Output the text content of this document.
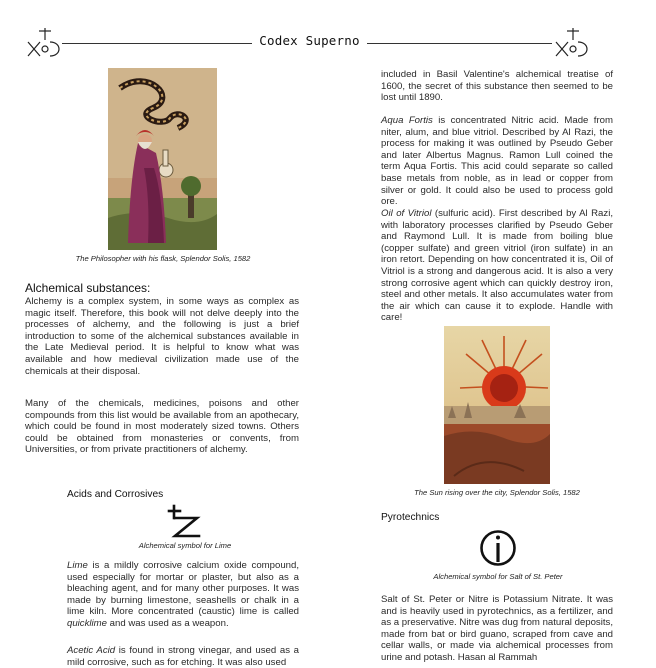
Codex Superno
The Philosopher with his flask, Splendor Solis, 1582
Alchemical substances:
Alchemy is a complex system, in some ways as complex as magic itself. Therefore, this book will not delve deeply into the processes of alchemy, and the following is just a brief introduction to some of the alchemical substances available in the Late Medieval period. It is helpful to know what was available and how medieval civilization made use of the chemicals at their disposal.
Many of the chemicals, medicines, poisons and other compounds from this list would be available from an apothecary, which could be found in most moderately sized towns. Others could be obtained from monasteries or convents, from Universities, or from private practitioners of alchemy.
Acids and Corrosives
Alchemical symbol for Lime
Lime is a mildly corrosive calcium oxide compound, used especially for mortar or plaster, but also as a bleaching agent, and for many other purposes. It was made by burning limestone, seashells or chalk in a lime kiln. More concentrated (caustic) lime is called quicklime and was used as a weapon.
Acetic Acid is found in strong vinegar, and used as a mild corrosive, such as for etching. It was also used
included in Basil Valentine's alchemical treatise of 1600, the secret of this substance then seemed to be lost until 1890.
Aqua Fortis is concentrated Nitric acid. Made from niter, alum, and blue vitriol. Described by Al Razi, the process for making it was outlined by Pseudo Geber and later Albertus Magnus. Ramon Lull coined the term Aqua Fortis. This acid could separate so called base metals from noble, as in lead or copper from silver or gold. It could also be used to process gold ore.
Oil of Vitriol (sulfuric acid). First described by Al Razi, with laboratory processes clarified by Pseudo Geber and Raymond Lull. It is made from boiling blue (copper sulfate) and green vitriol (iron sulfate) in an iron retort. Depending on how concentrated it is, Oil of Vitriol is a strong and dangerous acid. It is also a very strong corrosive agent which can quickly destroy iron, steel and other metals. It also accumulates water from the air which can cause it to explode. Handle with care!
The Sun rising over the city, Splendor Solis, 1582
Pyrotechnics
Alchemical symbol for Salt of St. Peter
Salt of St. Peter or Nitre is Potassium Nitrate. It was and is heavily used in pyrotechnics, as a fertilizer, and as a preservative. Nitre was dug from natural deposits, made from bat or bird guano, scraped from cave and cellar walls, or made via alchemical processes from urine and potash. Hasan al Rammah
